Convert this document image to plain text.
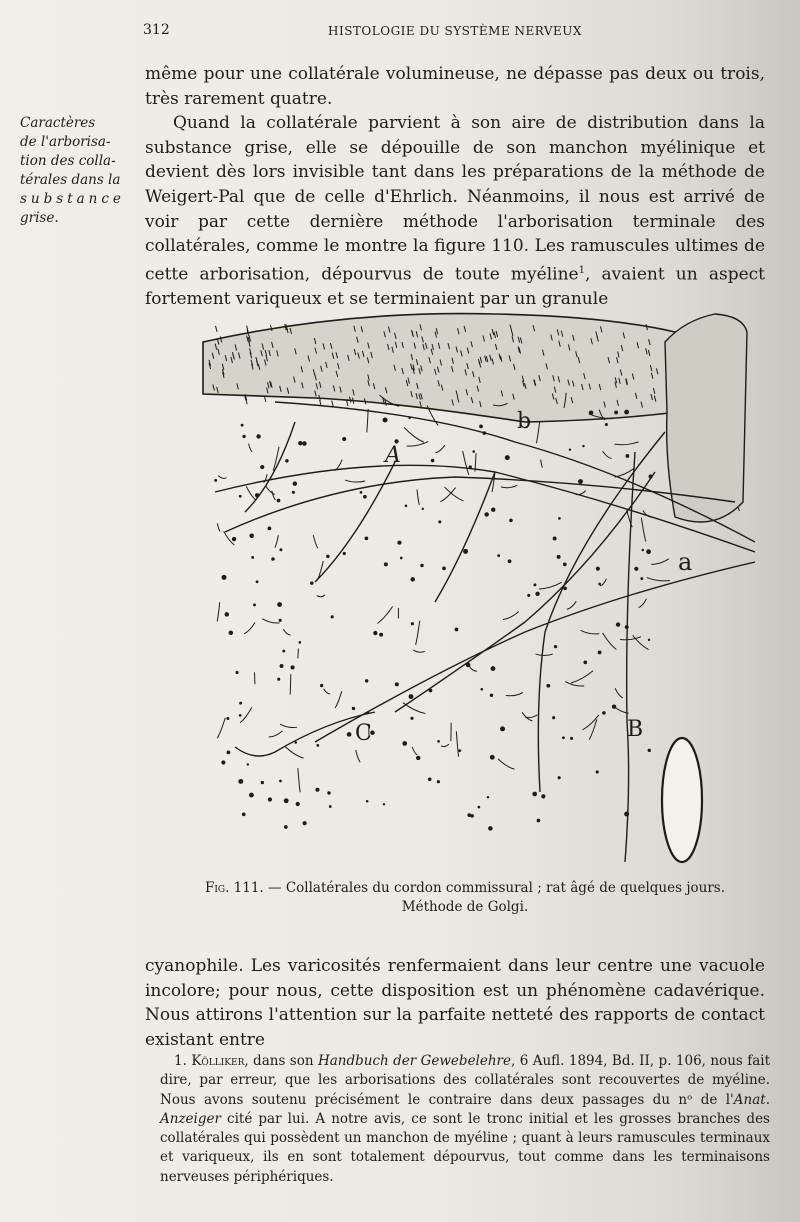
312	HISTOLOGIE DU SYSTÈME NERVEUX
Caractères
de l'arborisa-
tion des colla-
térales dans la
substance
grise.

même pour une collatérale volumineuse, ne dépasse pas deux ou trois, très rarement quatre.

Quand la collatérale parvient à son aire de distribution dans la substance grise, elle se dépouille de son manchon myélinique et devient dès lors invisible tant dans les préparations de la méthode de Weigert-Pal que de celle d'Ehrlich. Néanmoins, il nous est arrivé de voir par cette dernière méthode l'arborisation terminale des collatérales, comme le montre la figure 110. Les ramuscules ultimes de cette arborisation, dépourvus de toute myéline$^1$, avaient un aspect fortement variqueux et se terminaient par un granule

A
b
a
C	B
Fig. 111. — Collatérales du cordon commissural ; rat âgé de quelques jours.
Méthode de Golgi.

cyanophile. Les varicosités renfermaient dans leur centre une vacuole incolore; pour nous, cette disposition est un phénomène cadavérique. Nous attirons l'attention sur la parfaite netteté des rapports de contact existant entre

1. Kölliker, dans son Handbuch der Gewebelehre, 6 Aufl. 1894, Bd. II, p. 106, nous fait dire, par erreur, que les arborisations des collatérales sont recouvertes de myéline. Nous avons soutenu précisément le contraire dans deux passages du nᵒ de l'Anat. Anzeiger cité par lui. A notre avis, ce sont le tronc initial et les grosses branches des collatérales qui possèdent un manchon de myéline ; quant à leurs ramuscules terminaux et variqueux, ils en sont totalement dépourvus, tout comme dans les terminaisons nerveuses périphériques.
